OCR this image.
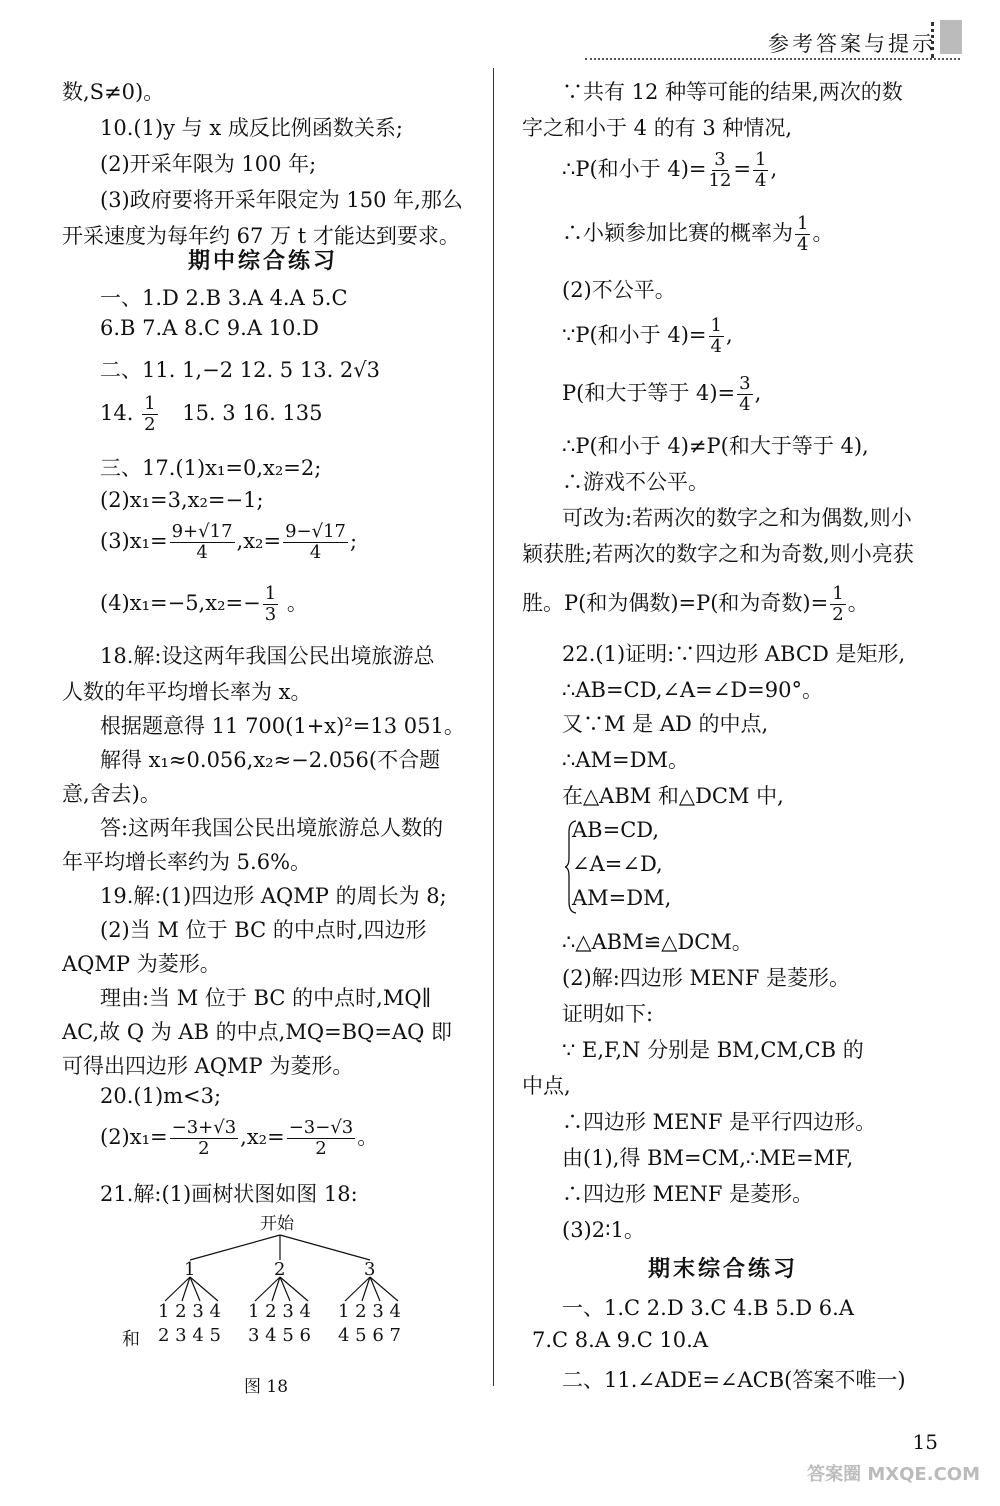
参考答案与提示
数,S≠0)。
10.(1)y 与 x 成反比例函数关系;
(2)开采年限为 100 年;
(3)政府要将开采年限定为 150 年,那么
开采速度为每年约 67 万 t 才能达到要求。
期中综合练习
一、1.D 2.B 3.A 4.A 5.C
6.B 7.A 8.C 9.A 10.D
二、11. 1,−2 12. 5 13. 2√3
14. $\frac{1}{2} 15$. 3 16. 135
三、17.(1)x₁=0,x₂=2;
(2)x₁=3,x₂=−1;
$(3)x_1= \frac{9+√17}{4} ,x_2= \frac{9-√17}{4}$ ;
$(4)x_1=-5,x_2=- \frac{1}{3}$ 。
18.解:设这两年我国公民出境旅游总
人数的年平均增长率为 x。
根据题意得 11 700(1+x)²=13 051。
解得 x₁≈0.056,x₂≈−2.056(不合题
意,舍去)。
答:这两年我国公民出境旅游总人数的
年平均增长率约为 5.6%。
19.解:(1)四边形 AQMP 的周长为 8;
(2)当 M 位于 BC 的中点时,四边形
AQMP 为菱形。
理由:当 M 位于 BC 的中点时,MQ∥
AC,故 Q 为 AB 的中点,MQ=BQ=AQ 即
可得出四边形 AQMP 为菱形。
20.(1)m<3;
$(2)x_1= \frac{-3+√3}{2} ,x_2= \frac{-3-√3}{2}$ 。
21.解:(1)画树状图如图 18:
开始
1	2	3
1 2 3 4 1 2 3 4 1 2 3 4
和 2 3 4 5 3 4 5 6 4 5 6 7
图 18
∵共有 12 种等可能的结果,两次的数
字之和小于 4 的有 3 种情况,
∴P(和小于 $4)= \frac{3}{12} = \frac{1}{4}$ ,
∴小颖参加比赛的概率为 $\frac{1}{4}$ 。
(2)不公平。
∵P(和小于 $4)= \frac{1}{4}$ ,
P(和大于等于 $4)= \frac{3}{4}$ ,
∴P(和小于 4)≠P(和大于等于 4),
∴游戏不公平。
可改为:若两次的数字之和为偶数,则小
颖获胜;若两次的数字之和为奇数,则小亮获
胜。P(和为偶数)=P(和为奇数)= $\frac{1}{2}$ 。
22.(1)证明:∵四边形 ABCD 是矩形,
∴AB=CD,∠A=∠D=90°。
又∵M 是 AD 的中点,
∴AM=DM。
在△ABM 和△DCM 中,
AB=CD,
∠A=∠D,
AM=DM,
∴△ABM≌△DCM。
(2)解:四边形 MENF 是菱形。
证明如下:
∵ E,F,N 分别是 BM,CM,CB 的
中点,
∴四边形 MENF 是平行四边形。
由(1),得 BM=CM,∴ME=MF,
∴四边形 MENF 是菱形。
(3)2∶1。
期末综合练习
一、1.C 2.D 3.C 4.B 5.D 6.A
7.C 8.A 9.C 10.A
二、11.∠ADE=∠ACB(答案不唯一)
答案圈 MXQE.COM
15
